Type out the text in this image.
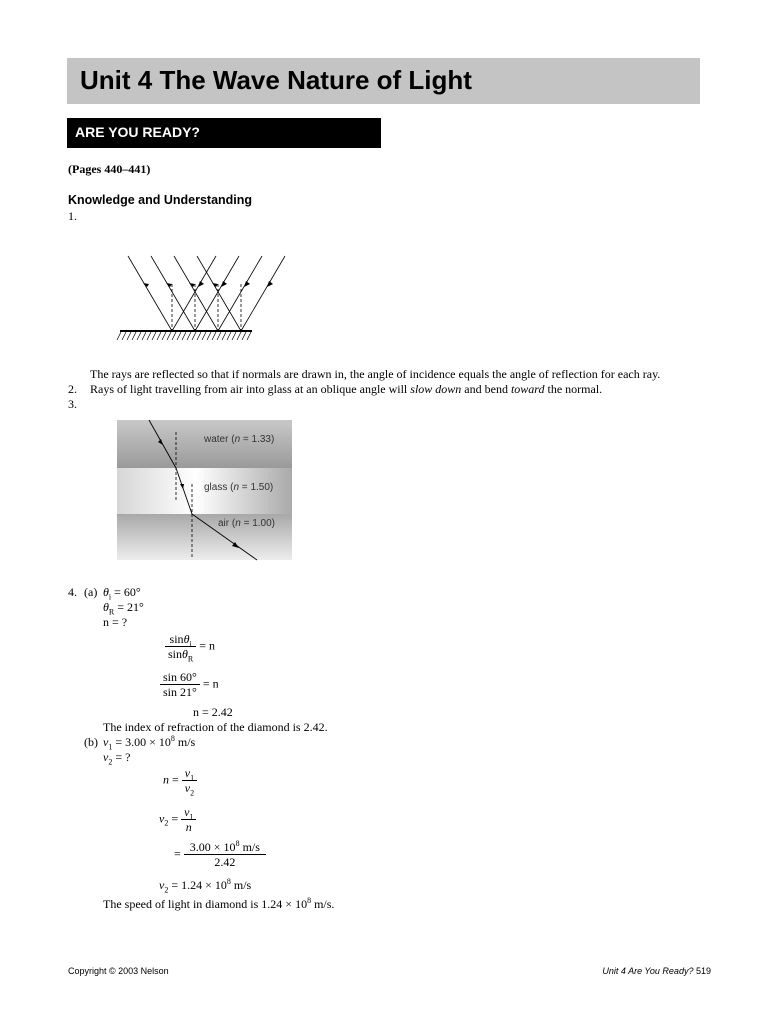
Unit 4 The Wave Nature of Light
ARE YOU READY?
(Pages 440–441)
Knowledge and Understanding
1.
The rays are reflected so that if normals are drawn in, the angle of incidence equals the angle of reflection for each ray.
2. Rays of light travelling from air into glass at an oblique angle will slow down and bend toward the normal.
3.
water (n = 1.33)
glass (n = 1.50)
air (n = 1.00)
4. (a) $\theta_i = 60^\circ$
$\theta_R = 21^\circ$
n = ?
$\frac{\sin\theta_i}{\sin\theta_R} = n$
$\frac{\sin 60^\circ}{\sin 21^\circ} = n$
n = 2.42
The index of refraction of the diamond is 2.42.
(b) $v_1 = 3.00 \times 10^8$ m/s
$v_2$ = ?
$n = \frac{v_1}{v_2}$
$v_2 = \frac{v_1}{n}$
= $\frac{3.00 \times 10^8 m/s}{2.42}$
$v_2 = 1.24 \times 10^8$ m/s
The speed of light in diamond is $1.24 \times 10^8$ m/s.
Copyright © 2003 Nelson	Unit 4 Are You Ready? 519
